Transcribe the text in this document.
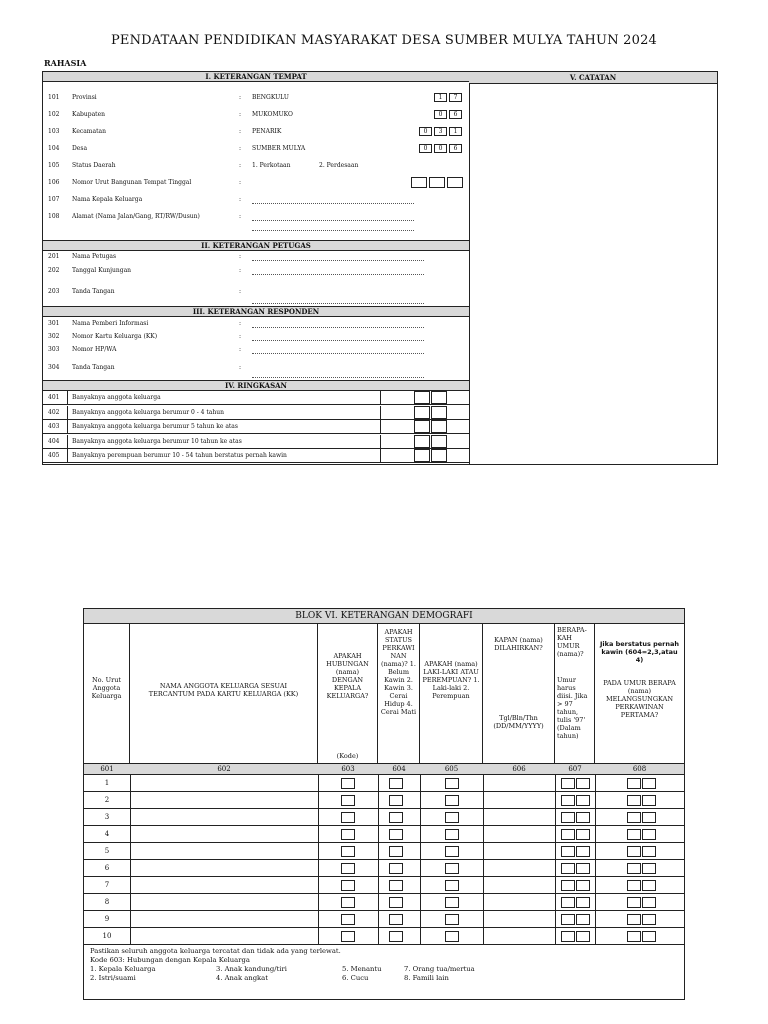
PENDATAAN PENDIDIKAN MASYARAKAT DESA SUMBER MULYA TAHUN 2024
RAHASIA
I. KETERANGAN TEMPAT
101 Provinsi	: BENGKULU	1	7
102 Kabupaten	: MUKOMUKO	0	6
103 Kecamatan	: PENARIK	0	3	1
104 Desa	: SUMBER MULYA	0	0	6
105 Status Daerah	: 1. Perkotaan	2. Perdesaan
106 Nomor Urut Bangunan Tempat Tinggal	:
107 Nama Kepala Keluarga	:
108 Alamat (Nama Jalan/Gang, RT/RW/Dusun)	:
II. KETERANGAN PETUGAS
201 Nama Petugas	:
202 Tanggal Kunjungan	:
203 Tanda Tangan	:
III. KETERANGAN RESPONDEN
301 Nama Pemberi Informasi	:
302 Nomor Kartu Keluarga (KK)	:
303 Nomor HP/WA	:
304 Tanda Tangan	:
IV. RINGKASAN
401 Banyaknya anggota keluarga
402 Banyaknya anggota keluarga berumur 0 - 4 tahun
403 Banyaknya anggota keluarga berumur 5 tahun ke atas
404 Banyaknya anggota keluarga berumur 10 tahun ke atas
405 Banyaknya perempuan berumur 10 - 54 tahun berstatus pernah kawin
V. CATATAN
BLOK VI. KETERANGAN DEMOGRAFI
No. Urut Anggota Keluarga
NAMA ANGGOTA KELUARGA SESUAI TERCANTUM PADA KARTU KELUARGA (KK)
APAKAH HUBUNGAN (nama) DENGAN KEPALA KELUARGA?
(Kode)
APAKAH STATUS PERKAWI NAN (nama)? 1. Belum Kawin 2. Kawin 3. Cerai Hidup 4. Cerai Mati
APAKAH (nama) LAKI-LAKI ATAU PEREMPUAN? 1. Laki-laki 2. Perempuan
KAPAN (nama) DILAHIRKAN?
Tgl/Bln/Thn (DD/MM/YYYY)
BERAPA-KAH UMUR (nama)?
Umur harus diisi. Jika > 97 tahun, tulis '97' (Dalam tahun)
Jika berstatus pernah kawin (604=2,3,atau 4)
PADA UMUR BERAPA (nama) MELANGSUNGKAN PERKAWINAN PERTAMA?
601	602	603	604	605	606	607	608
1
2
3
4
5
6
7
8
9
10
Pastikan seluruh anggota keluarga tercatat dan tidak ada yang terlewat.
Kode 603: Hubungan dengan Kepala Keluarga
1. Kepala Keluarga	3. Anak kandung/tiri	5. Menantu	7. Orang tua/mertua
2. Istri/suami	4. Anak angkat	6. Cucu	8. Famili lain
